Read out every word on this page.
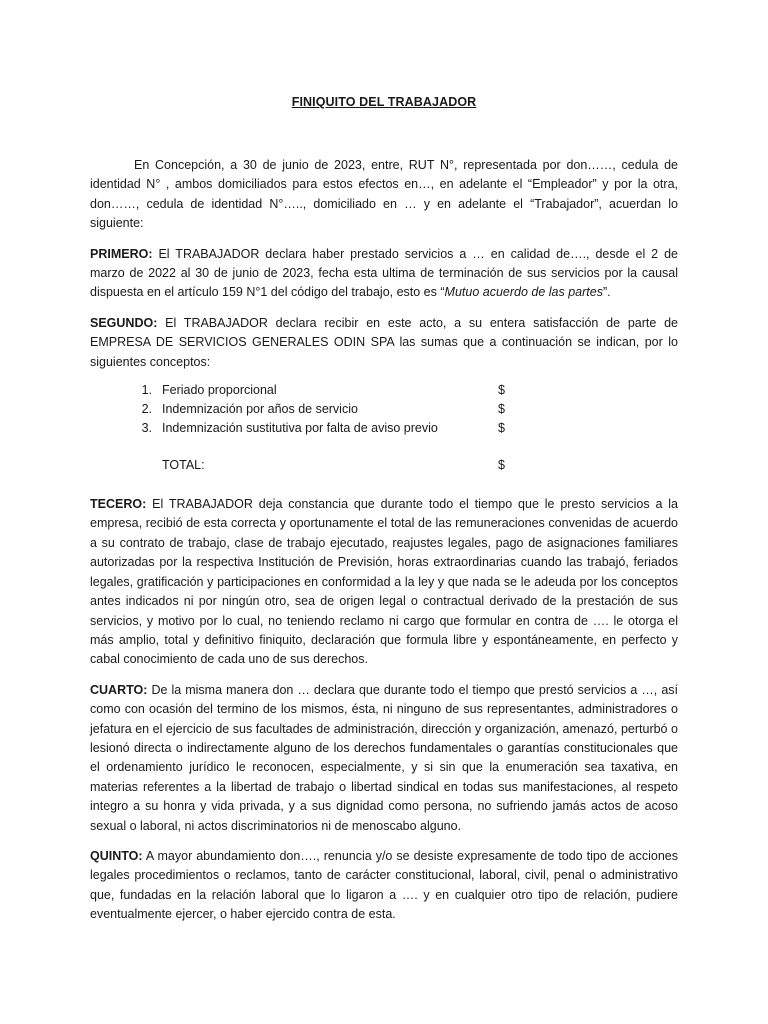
FINIQUITO DEL TRABAJADOR

En Concepción, a 30 de junio de 2023, entre, RUT N°, representada por don……, cedula de identidad N° , ambos domiciliados para estos efectos en…, en adelante el “Empleador” y por la otra, don……, cedula de identidad N°….., domiciliado en … y en adelante el “Trabajador”, acuerdan lo siguiente:

PRIMERO: El TRABAJADOR declara haber prestado servicios a … en calidad de…., desde el 2 de marzo de 2022 al 30 de junio de 2023, fecha esta ultima de terminación de sus servicios por la causal dispuesta en el artículo 159 N°1 del código del trabajo, esto es “Mutuo acuerdo de las partes”.

SEGUNDO: El TRABAJADOR declara recibir en este acto, a su entera satisfacción de parte de EMPRESA DE SERVICIOS GENERALES ODIN SPA las sumas que a continuación se indican, por lo siguientes conceptos:

1. Feriado proporcional	$
2. Indemnización por años de servicio	$
3. Indemnización sustitutiva por falta de aviso previo	$
TOTAL:	$

TECERO: El TRABAJADOR deja constancia que durante todo el tiempo que le presto servicios a la empresa, recibió de esta correcta y oportunamente el total de las remuneraciones convenidas de acuerdo a su contrato de trabajo, clase de trabajo ejecutado, reajustes legales, pago de asignaciones familiares autorizadas por la respectiva Institución de Previsión, horas extraordinarias cuando las trabajó, feriados legales, gratificación y participaciones en conformidad a la ley y que nada se le adeuda por los conceptos antes indicados ni por ningún otro, sea de origen legal o contractual derivado de la prestación de sus servicios, y motivo por lo cual, no teniendo reclamo ni cargo que formular en contra de …. le otorga el más amplio, total y definitivo finiquito, declaración que formula libre y espontáneamente, en perfecto y cabal conocimiento de cada uno de sus derechos.

CUARTO: De la misma manera don … declara que durante todo el tiempo que prestó servicios a …, así como con ocasión del termino de los mismos, ésta, ni ninguno de sus representantes, administradores o jefatura en el ejercicio de sus facultades de administración, dirección y organización, amenazó, perturbó o lesionó directa o indirectamente alguno de los derechos fundamentales o garantías constitucionales que el ordenamiento jurídico le reconocen, especialmente, y si sin que la enumeración sea taxativa, en materias referentes a la libertad de trabajo o libertad sindical en todas sus manifestaciones, al respeto integro a su honra y vida privada, y a sus dignidad como persona, no sufriendo jamás actos de acoso sexual o laboral, ni actos discriminatorios ni de menoscabo alguno.

QUINTO: A mayor abundamiento don…., renuncia y/o se desiste expresamente de todo tipo de acciones legales procedimientos o reclamos, tanto de carácter constitucional, laboral, civil, penal o administrativo que, fundadas en la relación laboral que lo ligaron a …. y en cualquier otro tipo de relación, pudiere eventualmente ejercer, o haber ejercido contra de esta.
